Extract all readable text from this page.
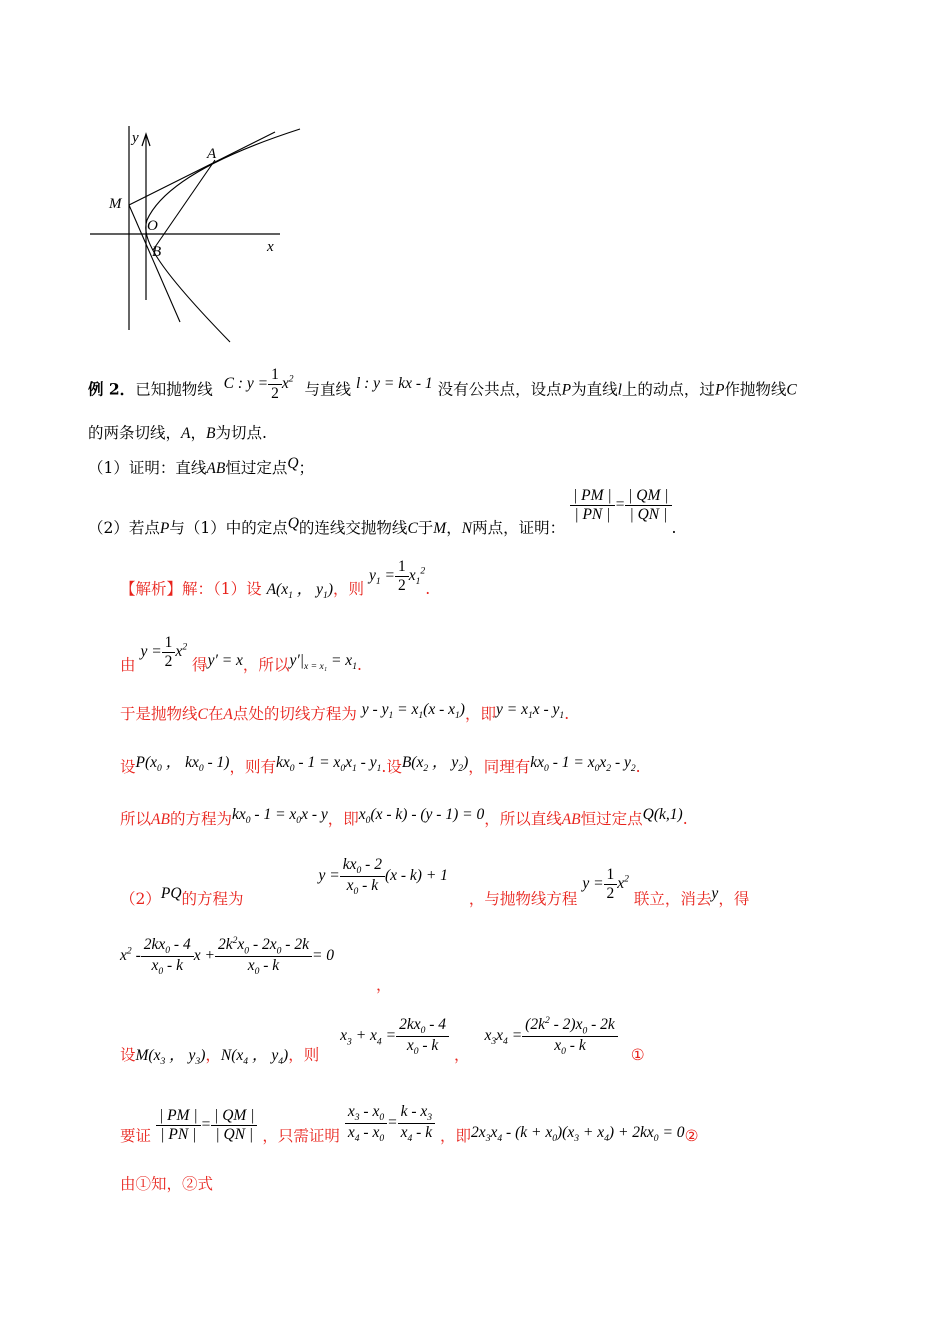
y
A
M
O
B	x
例 2．已知抛物线 C : $y = \frac{1}{2} x^2$ 与直线 l : y = kx - 1 没有公共点，设点P为直线l上的动点，过P作抛物线C
的两条切线，A，B为切点.
（1）证明：直线AB恒过定点Q；
（2）若点P与（1）中的定点Q的连线交抛物线C于M，N两点，证明：
$\frac{| PM |}{| PN |} = \frac{| QM |}{| QN |}$
.
【解析】解：（1）设 $A(x_1$ ， $y_1$)，则 $y_1 = \frac{1}{2} x_1^2$.
由 $y = \frac{1}{2} x^2$ 得y′ = x，所以$y'|_{x = x_1} = x_1$.
于是抛物线C在A点处的切线方程为 $y - y_1 = x_1(x - x_1)$，即$y = x_1x - y_1$.
设$P(x_0$ ， $kx_0 - 1$)，则有$kx_0 - 1 = x_0x_1 - y_1$.设$B(x_2$ ， $y_2$)，同理有$kx_0 - 1 = x_0x_2 - y_2$.
所以AB的方程为$kx_0 - 1 = x_0x - y$，即$x_0(x - k) - (y - 1) = 0$，所以直线AB恒过定点Q(k,1).
（2）PQ的方程为 $y = \frac{kx_0 - 2}{x_0 - k} (x - k) + 1$ ，与抛物线方程 $y = \frac{1}{2} x^2$ 联立，消去y，得
$x^2 - \frac{2kx_0 - 4}{x_0 - k}$ $x + \frac{2k^2x_0 - 2x_0 - 2k}{x_0 - k} = 0$
，
设$M(x_3$ ， $y_3$)，$N(x_4$ ， $y_4$)，则 $x_3 + x_4 = \frac{2kx_0 - 4}{x_0 - k}$ ， $x_3x_4 = \frac{(2k^2 - 2)x_0 - 2k}{x_0 - k}$ ①
要证 $\frac{| PM |}{| PN |} = \frac{| QM |}{| QN |}$ ，只需证明 $\frac{x_3 - x_0}{x_4 - x_0} = \frac{k - x_3}{x_4 - k}$ ，即$2x_3x_4 - (k + x_0)(x_3 + x_4) + 2kx_0$ = 0②
由①知，②式
